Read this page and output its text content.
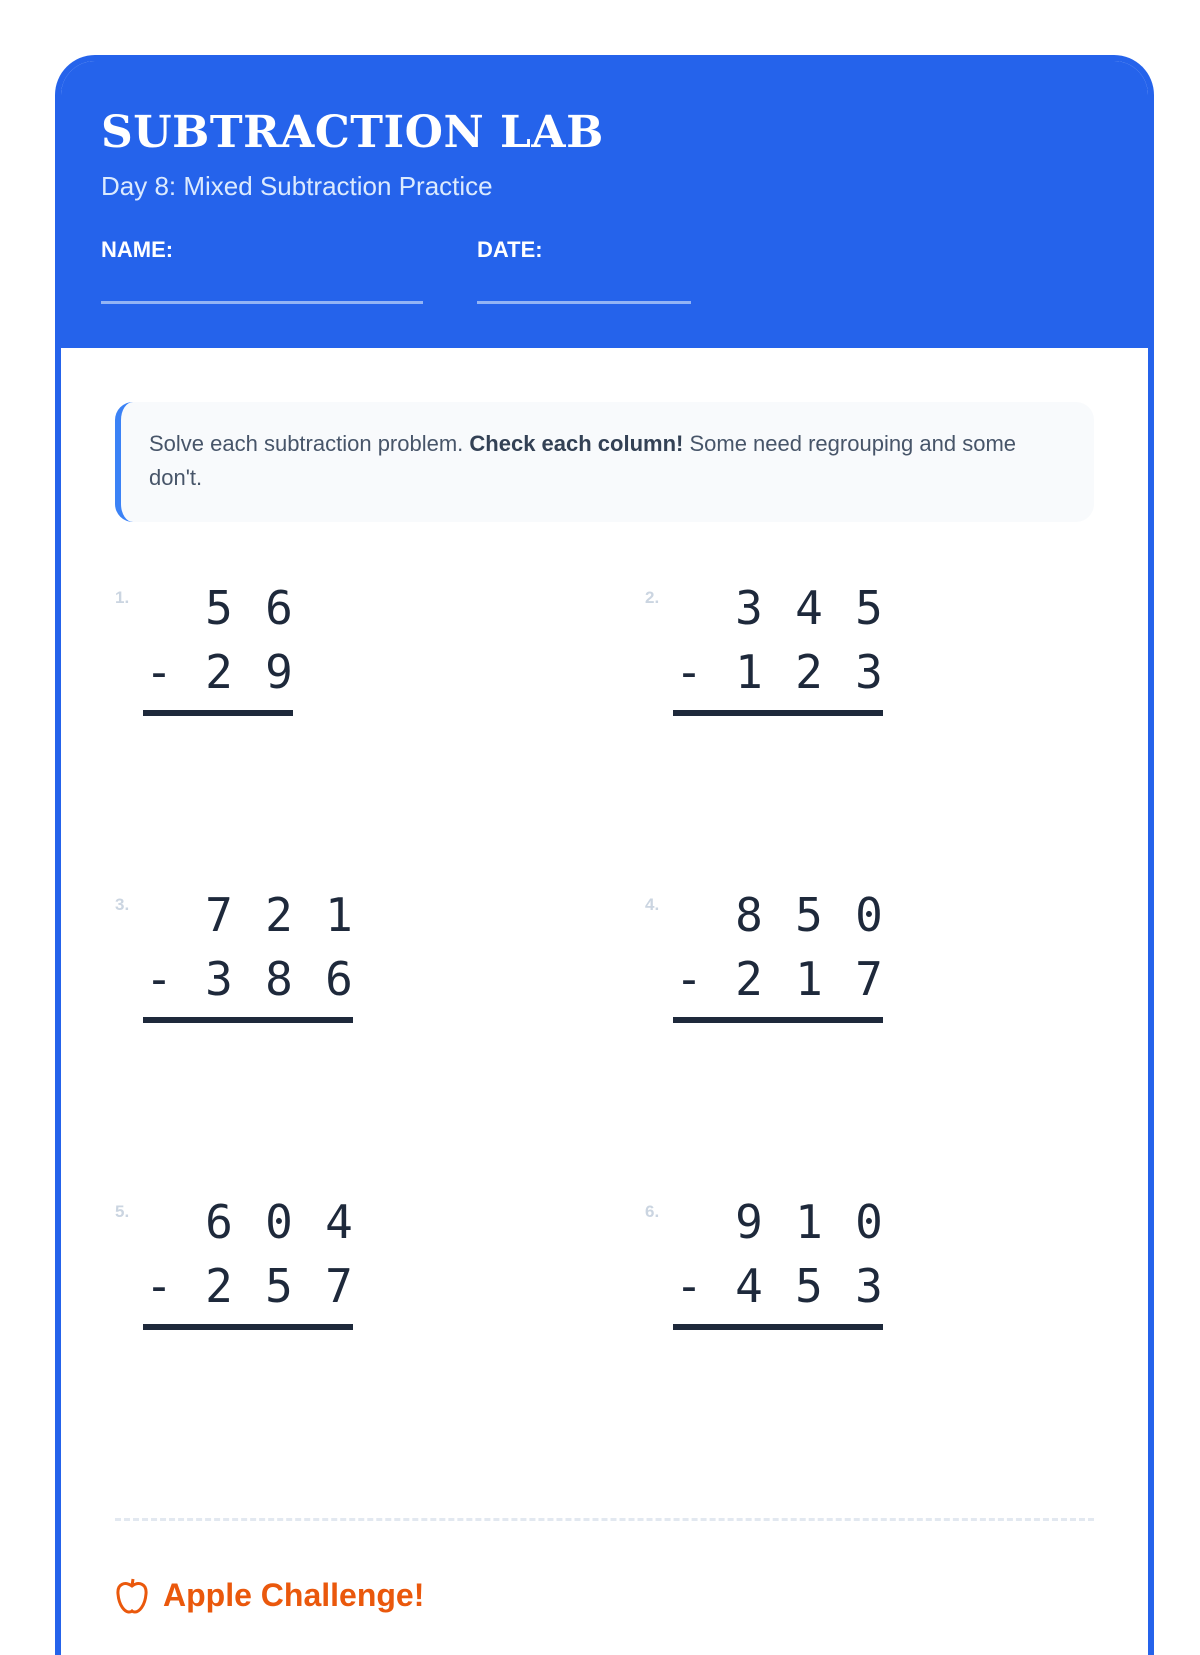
SUBTRACTION LAB
Day 8: Mixed Subtraction Practice
NAME:	DATE:
Solve each subtraction problem. Check each column! Some need regrouping and some don't.
1.	5 6
- 2 9
2.	3 4 5
- 1 2 3
3.	7 2 1
- 3 8 6
4.	8 5 0
- 2 1 7
5.	6 0 4
- 2 5 7
6.	9 1 0
- 4 5 3
Apple Challenge!
